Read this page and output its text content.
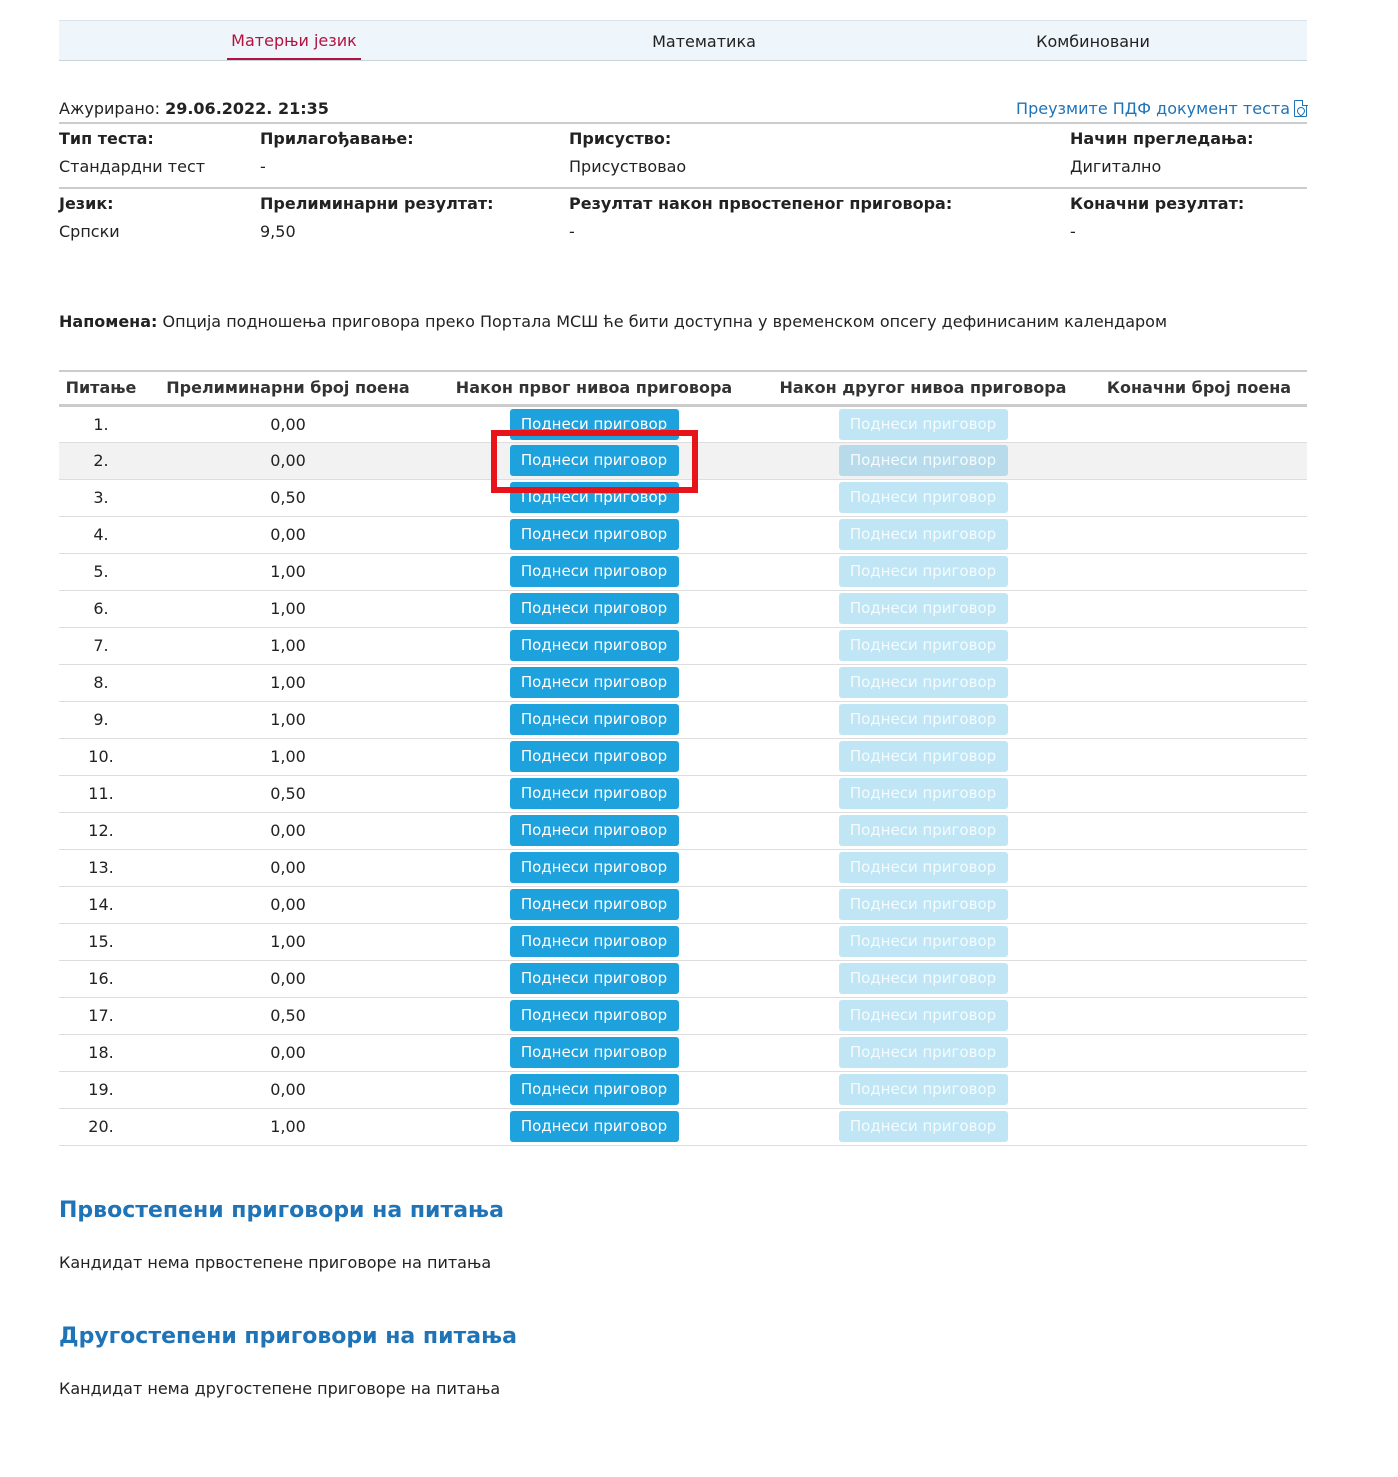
Матерњи језик	Математика	Комбиновани
Ажурирано: 29.06.2022. 21:35	Преузмите ПДФ документ теста
Тип теста:	Прилагођавање:	Присуство:	Начин прегледања:
Стандардни тест	-	Присуствовао	Дигитално
Језик:	Прелиминарни резултат:	Резултат након првостепеног приговора:	Коначни резултат:
Српски	9,50	-	-

Напомена: Опција подношења приговора преко Портала МСШ ће бити доступна у временском опсегу дефинисаним календаром

Питање	Прелиминарни број поена	Након првог нивоа приговора	Након другог нивоа приговора	Коначни број поена
1.	0,00	Поднеси приговор	Поднеси приговор	
2.	0,00	Поднеси приговор	Поднеси приговор	
3.	0,50	Поднеси приговор	Поднеси приговор	
4.	0,00	Поднеси приговор	Поднеси приговор	
5.	1,00	Поднеси приговор	Поднеси приговор	
6.	1,00	Поднеси приговор	Поднеси приговор	
7.	1,00	Поднеси приговор	Поднеси приговор	
8.	1,00	Поднеси приговор	Поднеси приговор	
9.	1,00	Поднеси приговор	Поднеси приговор	
10.	1,00	Поднеси приговор	Поднеси приговор	
11.	0,50	Поднеси приговор	Поднеси приговор	
12.	0,00	Поднеси приговор	Поднеси приговор	
13.	0,00	Поднеси приговор	Поднеси приговор	
14.	0,00	Поднеси приговор	Поднеси приговор	
15.	1,00	Поднеси приговор	Поднеси приговор	
16.	0,00	Поднеси приговор	Поднеси приговор	
17.	0,50	Поднеси приговор	Поднеси приговор	
18.	0,00	Поднеси приговор	Поднеси приговор	
19.	0,00	Поднеси приговор	Поднеси приговор	
20.	1,00	Поднеси приговор	Поднеси приговор	
Првостепени приговори на питања

Кандидат нема првостепене приговоре на питања

Другостепени приговори на питања

Кандидат нема другостепене приговоре на питања
